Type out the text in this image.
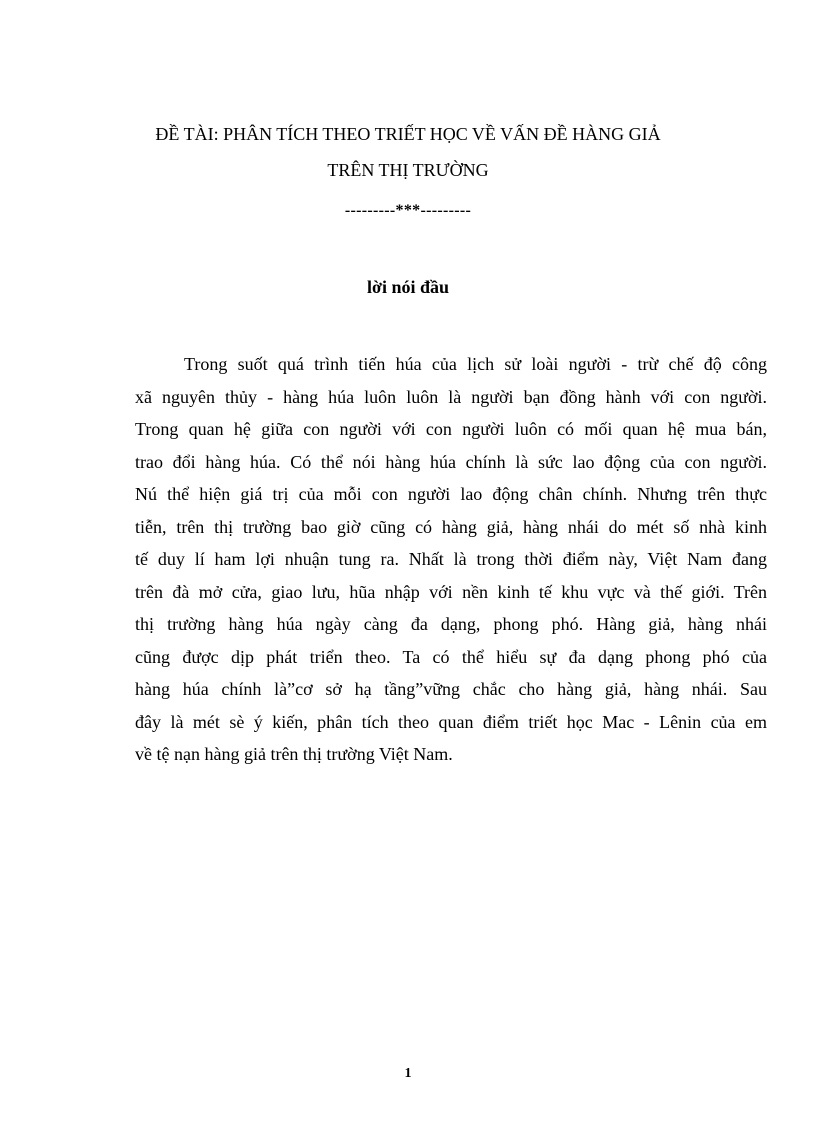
ĐỀ TÀI: PHÂN TÍCH THEO TRIẾT HỌC VỀ VẤN ĐỀ HÀNG GIẢ
TRÊN THỊ TRƯỜNG
---------***---------
lời nói đầu
Trong suốt quá trình tiến húa của lịch sử loài người - trừ chế độ công
xã nguyên thủy - hàng húa luôn luôn là người bạn đồng hành với con người.
Trong quan hệ giữa con người với con người luôn có mối quan hệ mua bán,
trao đổi hàng húa. Có thể nói hàng húa chính là sức lao động của con người.
Nú thể hiện giá trị của mỗi con người lao động chân chính. Nhưng trên thực
tiễn, trên thị trường bao giờ cũng có hàng giả, hàng nhái do mét số nhà kinh
tế duy lí ham lợi nhuận tung ra. Nhất là trong thời điểm này, Việt Nam đang
trên đà mở cửa, giao lưu, hũa nhập với nền kinh tế khu vực và thế giới. Trên
thị trường hàng húa ngày càng đa dạng, phong phó. Hàng giả, hàng nhái
cũng được dịp phát triển theo. Ta có thể hiểu sự đa dạng phong phó của
hàng húa chính là”cơ sở hạ tầng”vững chắc cho hàng giả, hàng nhái. Sau
đây là mét sè ý kiến, phân tích theo quan điểm triết học Mac - Lênin của em
về tệ nạn hàng giả trên thị trường Việt Nam.
1
